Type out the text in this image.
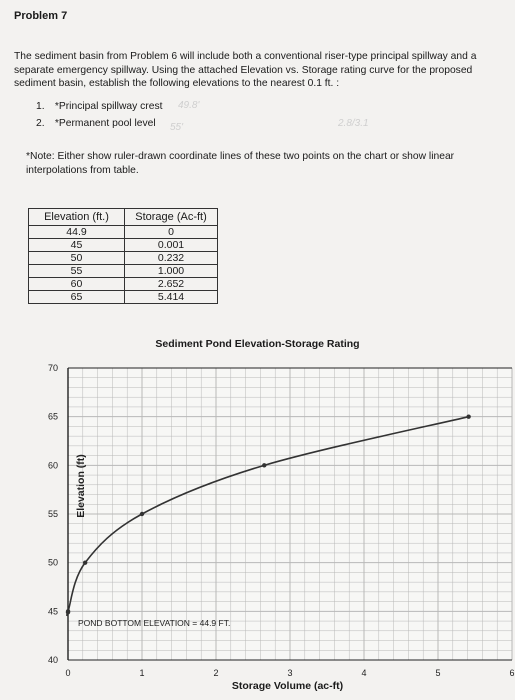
Problem 7
The sediment basin from Problem 6 will include both a conventional riser-type principal spillway and a separate emergency spillway. Using the attached Elevation vs. Storage rating curve for the proposed sediment basin, establish the following elevations to the nearest 0.1 ft. :
1. *Principal spillway crest
2. *Permanent pool level
49.8'
55'	2.8/3.1
*Note: Either show ruler-drawn coordinate lines of these two points on the chart or show linear interpolations from table.
Elevation (ft.)	Storage (Ac-ft)
44.9	0
45	0.001
50	0.232
55	1.000
60	2.652
65	5.414
Sediment Pond Elevation-Storage Rating
0	1	2	3	4	5	6
40
45
50
55
60
65
70
Elevation (ft)
POND BOTTOM ELEVATION = 44.9 FT.
Storage Volume (ac-ft)
